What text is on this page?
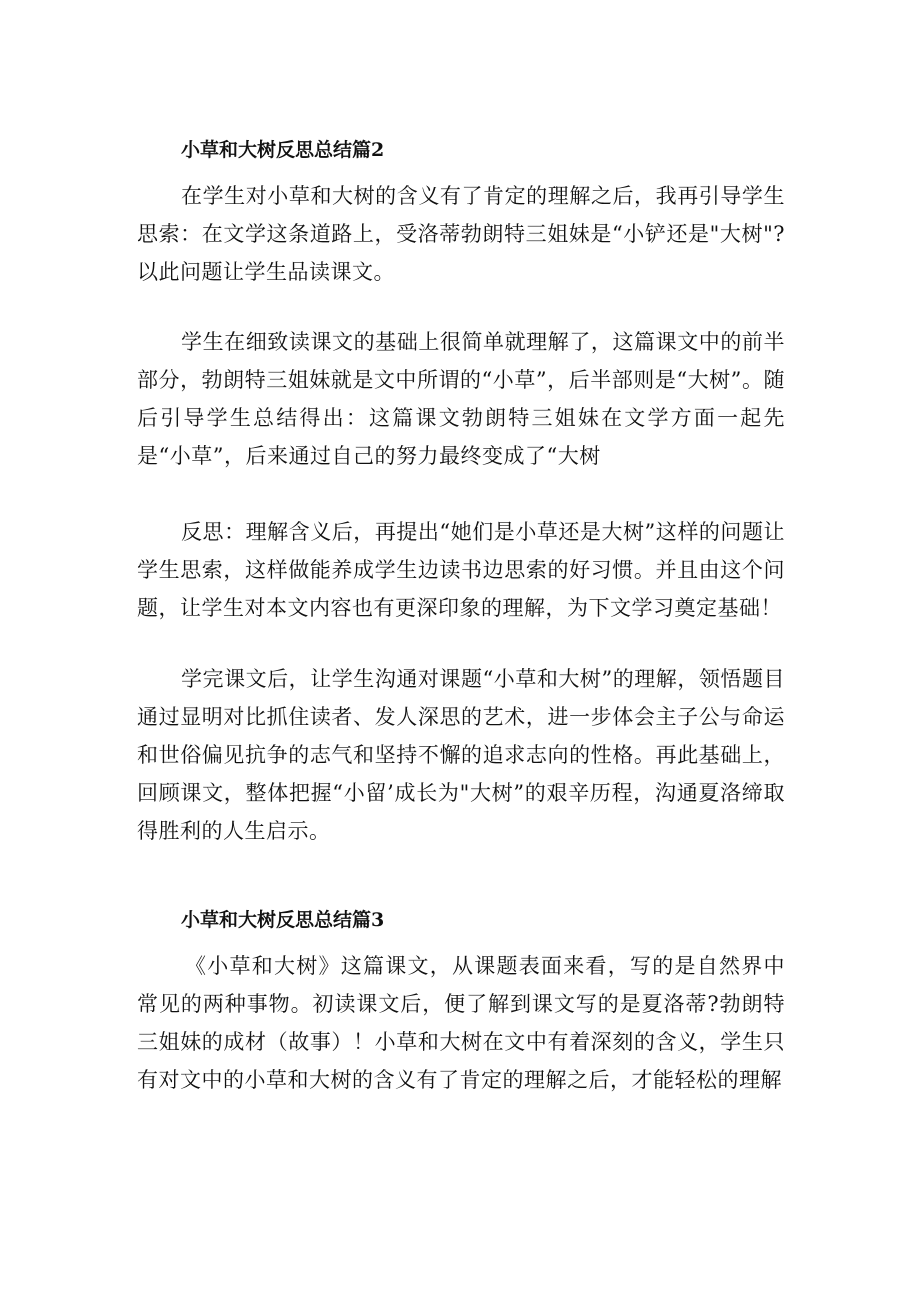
小草和大树反思总结篇2

在学生对小草和大树的含义有了肯定的理解之后，我再引导学生思索：在文学这条道路上，受洛蒂勃朗特三姐妹是“小铲还是"大树"?以此问题让学生品读课文。

学生在细致读课文的基础上很简单就理解了，这篇课文中的前半部分，勃朗特三姐妹就是文中所谓的“小草”，后半部则是“大树”。随后引导学生总结得出：这篇课文勃朗特三姐妹在文学方面一起先是“小草”，后来通过自己的努力最终变成了“大树

反思：理解含义后，再提出“她们是小草还是大树”这样的问题让学生思索，这样做能养成学生边读书边思索的好习惯。并且由这个问题，让学生对本文内容也有更深印象的理解，为下文学习奠定基础！

学完课文后，让学生沟通对课题“小草和大树”的理解，领悟题目通过显明对比抓住读者、发人深思的艺术，进一步体会主子公与命运和世俗偏见抗争的志气和坚持不懈的追求志向的性格。再此基础上，回顾课文，整体把握“小留’成长为"大树”的艰辛历程，沟通夏洛缔取得胜利的人生启示。

小草和大树反思总结篇3

《小草和大树》这篇课文，从课题表面来看，写的是自然界中常见的两种事物。初读课文后，便了解到课文写的是夏洛蒂?勃朗特三姐妹的成材（故事）！小草和大树在文中有着深刻的含义，学生只有对文中的小草和大树的含义有了肯定的理解之后，才能轻松的理解
